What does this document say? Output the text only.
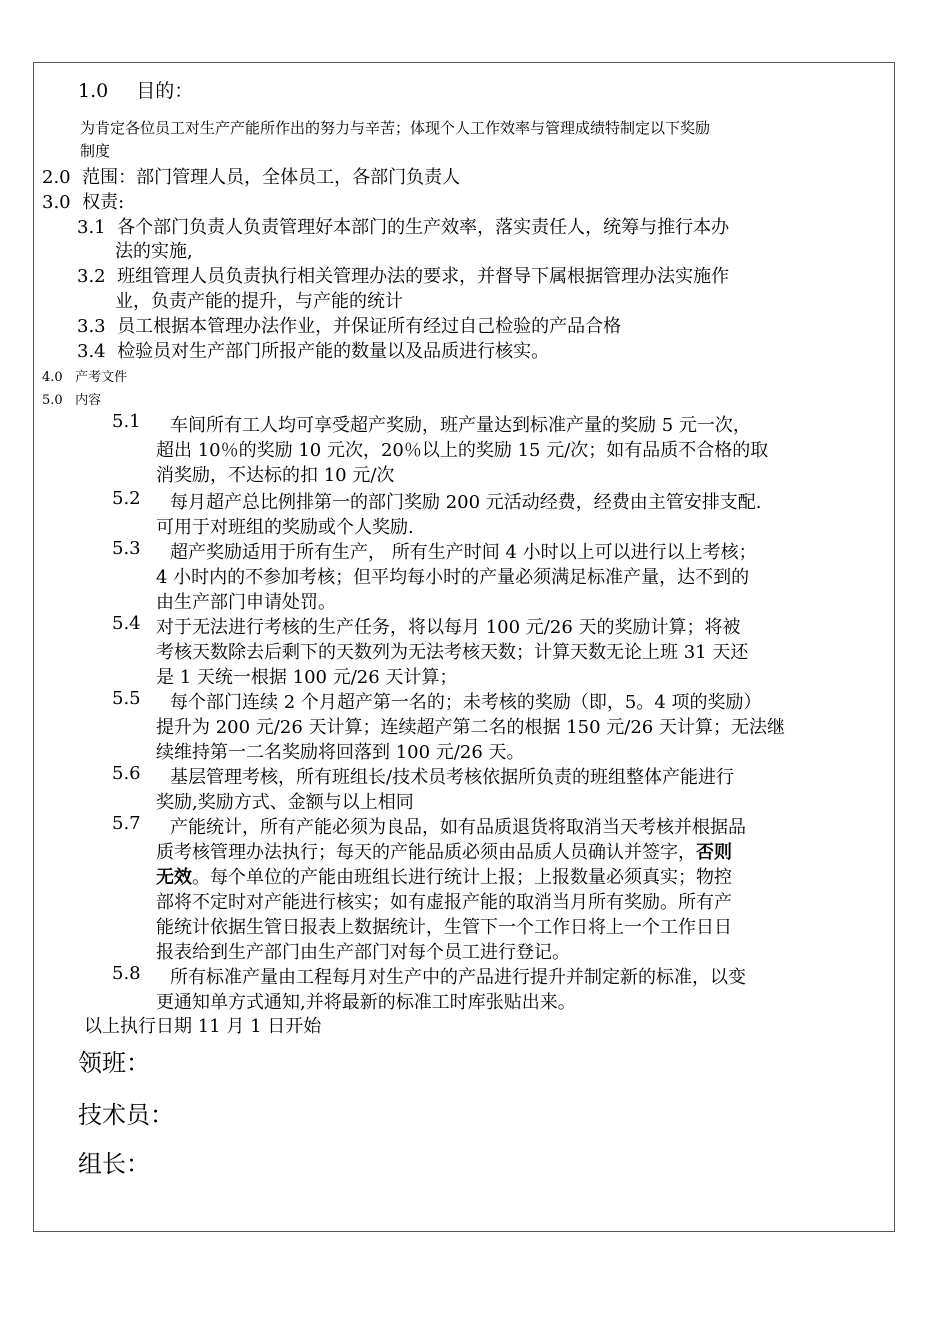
1.0 目的：
为肯定各位员工对生产产能所作出的努力与辛苦；体现个人工作效率与管理成绩特制定以下奖励
制度
2.0 范围：部门管理人员，全体员工，各部门负责人
3.0 权责:
3.1 各个部门负责人负责管理好本部门的生产效率，落实责任人，统筹与推行本办
法的实施,
3.2 班组管理人员负责执行相关管理办法的要求，并督导下属根据管理办法实施作
业，负责产能的提升，与产能的统计
3.3 员工根据本管理办法作业，并保证所有经过自己检验的产品合格
3.4 检验员对生产部门所报产能的数量以及品质进行核实。
4.0 产考文件
5.0 内容
5.1 车间所有工人均可享受超产奖励，班产量达到标准产量的奖励 5 元一次，
超出 10％的奖励 10 元次，20％以上的奖励 15 元/次；如有品质不合格的取
消奖励，不达标的扣 10 元/次
5.2 每月超产总比例排第一的部门奖励 200 元活动经费，经费由主管安排支配.
可用于对班组的奖励或个人奖励.
5.3 超产奖励适用于所有生产， 所有生产时间 4 小时以上可以进行以上考核；
4 小时内的不参加考核；但平均每小时的产量必须满足标准产量，达不到的
由生产部门申请处罚。
5.4 对于无法进行考核的生产任务，将以每月 100 元/26 天的奖励计算；将被
考核天数除去后剩下的天数列为无法考核天数；计算天数无论上班 31 天还
是 1 天统一根据 100 元/26 天计算；
5.5 每个部门连续 2 个月超产第一名的；未考核的奖励（即，5。4 项的奖励）
提升为 200 元/26 天计算；连续超产第二名的根据 150 元/26 天计算；无法继
续维持第一二名奖励将回落到 100 元/26 天。
5.6 基层管理考核，所有班组长/技术员考核依据所负责的班组整体产能进行
奖励,奖励方式、金额与以上相同
5.7 产能统计，所有产能必须为良品，如有品质退货将取消当天考核并根据品
质考核管理办法执行；每天的产能品质必须由品质人员确认并签字，否则
无效。每个单位的产能由班组长进行统计上报；上报数量必须真实；物控
部将不定时对产能进行核实；如有虚报产能的取消当月所有奖励。所有产
能统计依据生管日报表上数据统计，生管下一个工作日将上一个工作日日
报表给到生产部门由生产部门对每个员工进行登记。
5.8 所有标准产量由工程每月对生产中的产品进行提升并制定新的标准，以变
更通知单方式通知,并将最新的标准工时库张贴出来。
以上执行日期 11 月 1 日开始
领班：
技术员：
组长：
